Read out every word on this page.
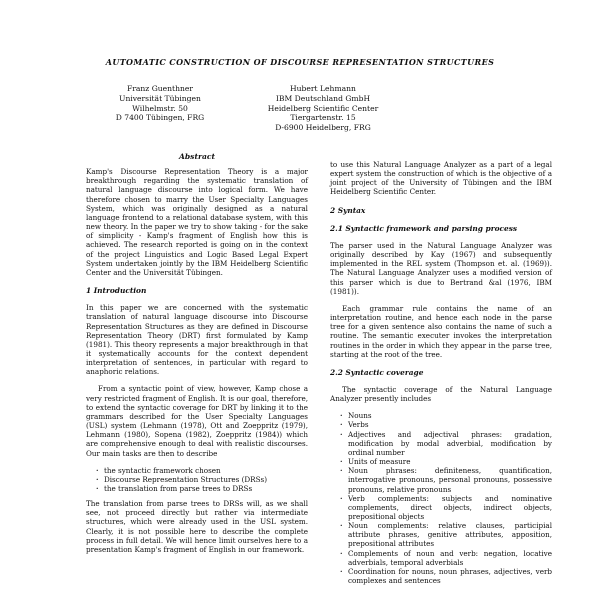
AUTOMATIC CONSTRUCTION OF DISCOURSE REPRESENTATION STRUCTURES
Franz Guenthner
Universität Tübingen
Wilhelmstr. 50
D 7400 Tübingen, FRG
Hubert Lehmann
IBM Deutschland GmbH
Heidelberg Scientific Center
Tiergartenstr. 15
D-6900 Heidelberg, FRG
Abstract

Kamp's Discourse Representation Theory is a major breakthrough regarding the systematic translation of natural language discourse into logical form. We have therefore chosen to marry the User Specialty Languages System, which was originally designed as a natural language frontend to a relational database system, with this new theory. In the paper we try to show taking - for the sake of simplicity - Kamp's fragment of English how this is achieved. The research reported is going on in the context of the project Linguistics and Logic Based Legal Expert System undertaken jointly by the IBM Heidelberg Scientific Center and the Universität Tübingen.

1 Introduction

In this paper we are concerned with the systematic translation of natural language discourse into Discourse Representation Structures as they are defined in Discourse Representation Theory (DRT) first formulated by Kamp (1981). This theory represents a major breakthrough in that it systematically accounts for the context dependent interpretation of sentences, in particular with regard to anaphoric relations.

From a syntactic point of view, however, Kamp chose a very restricted fragment of English. It is our goal, therefore, to extend the syntactic coverage for DRT by linking it to the grammars described for the User Specialty Languages (USL) system (Lehmann (1978), Ott and Zoeppritz (1979), Lehmann (1980), Sopena (1982), Zoeppritz (1984)) which are comprehensive enough to deal with realistic discourses. Our main tasks are then to describe

· the syntactic framework chosen
· Discourse Representation Structures (DRSs)
· the translation from parse trees to DRSs

The translation from parse trees to DRSs will, as we shall see, not proceed directly but rather via intermediate structures, which were already used in the USL system. Clearly, it is not possible here to describe the complete process in full detail. We will hence limit ourselves here to a presentation Kamp's fragment of English in our framework.

to use this Natural Language Analyzer as a part of a legal expert system the construction of which is the objective of a joint project of the University of Tübingen and the IBM Heidelberg Scientific Center.

2 Syntax
2.1 Syntactic framework and parsing process

The parser used in the Natural Language Analyzer was originally described by Kay (1967) and subsequently implemented in the REL system (Thompson et. al. (1969)). The Natural Language Analyzer uses a modified version of this parser which is due to Bertrand &al (1976, IBM (1981)).

Each grammar rule contains the name of an interpretation routine, and hence each node in the parse tree for a given sentence also contains the name of such a routine. The semantic executer invokes the interpretation routines in the order in which they appear in the parse tree, starting at the root of the tree.

2.2 Syntactic coverage

The syntactic coverage of the Natural Language Analyzer presently includes

· Nouns
· Verbs
· Adjectives and adjectival phrases: gradation, modification by modal adverbial, modification by ordinal number
· Units of measure
· Noun phrases: definiteness, quantification, interrogative pronouns, personal pronouns, possessive pronouns, relative pronouns
· Verb complements: subjects and nominative complements, direct objects, indirect objects, prepositional objects
· Noun complements: relative clauses, participial attribute phrases, genitive attributes, apposition, prepositional attributes
· Complements of noun and verb: negation, locative adverbials, temporal adverbials
· Coordination for nouns, noun phrases, adjectives, verb complexes and sentences
